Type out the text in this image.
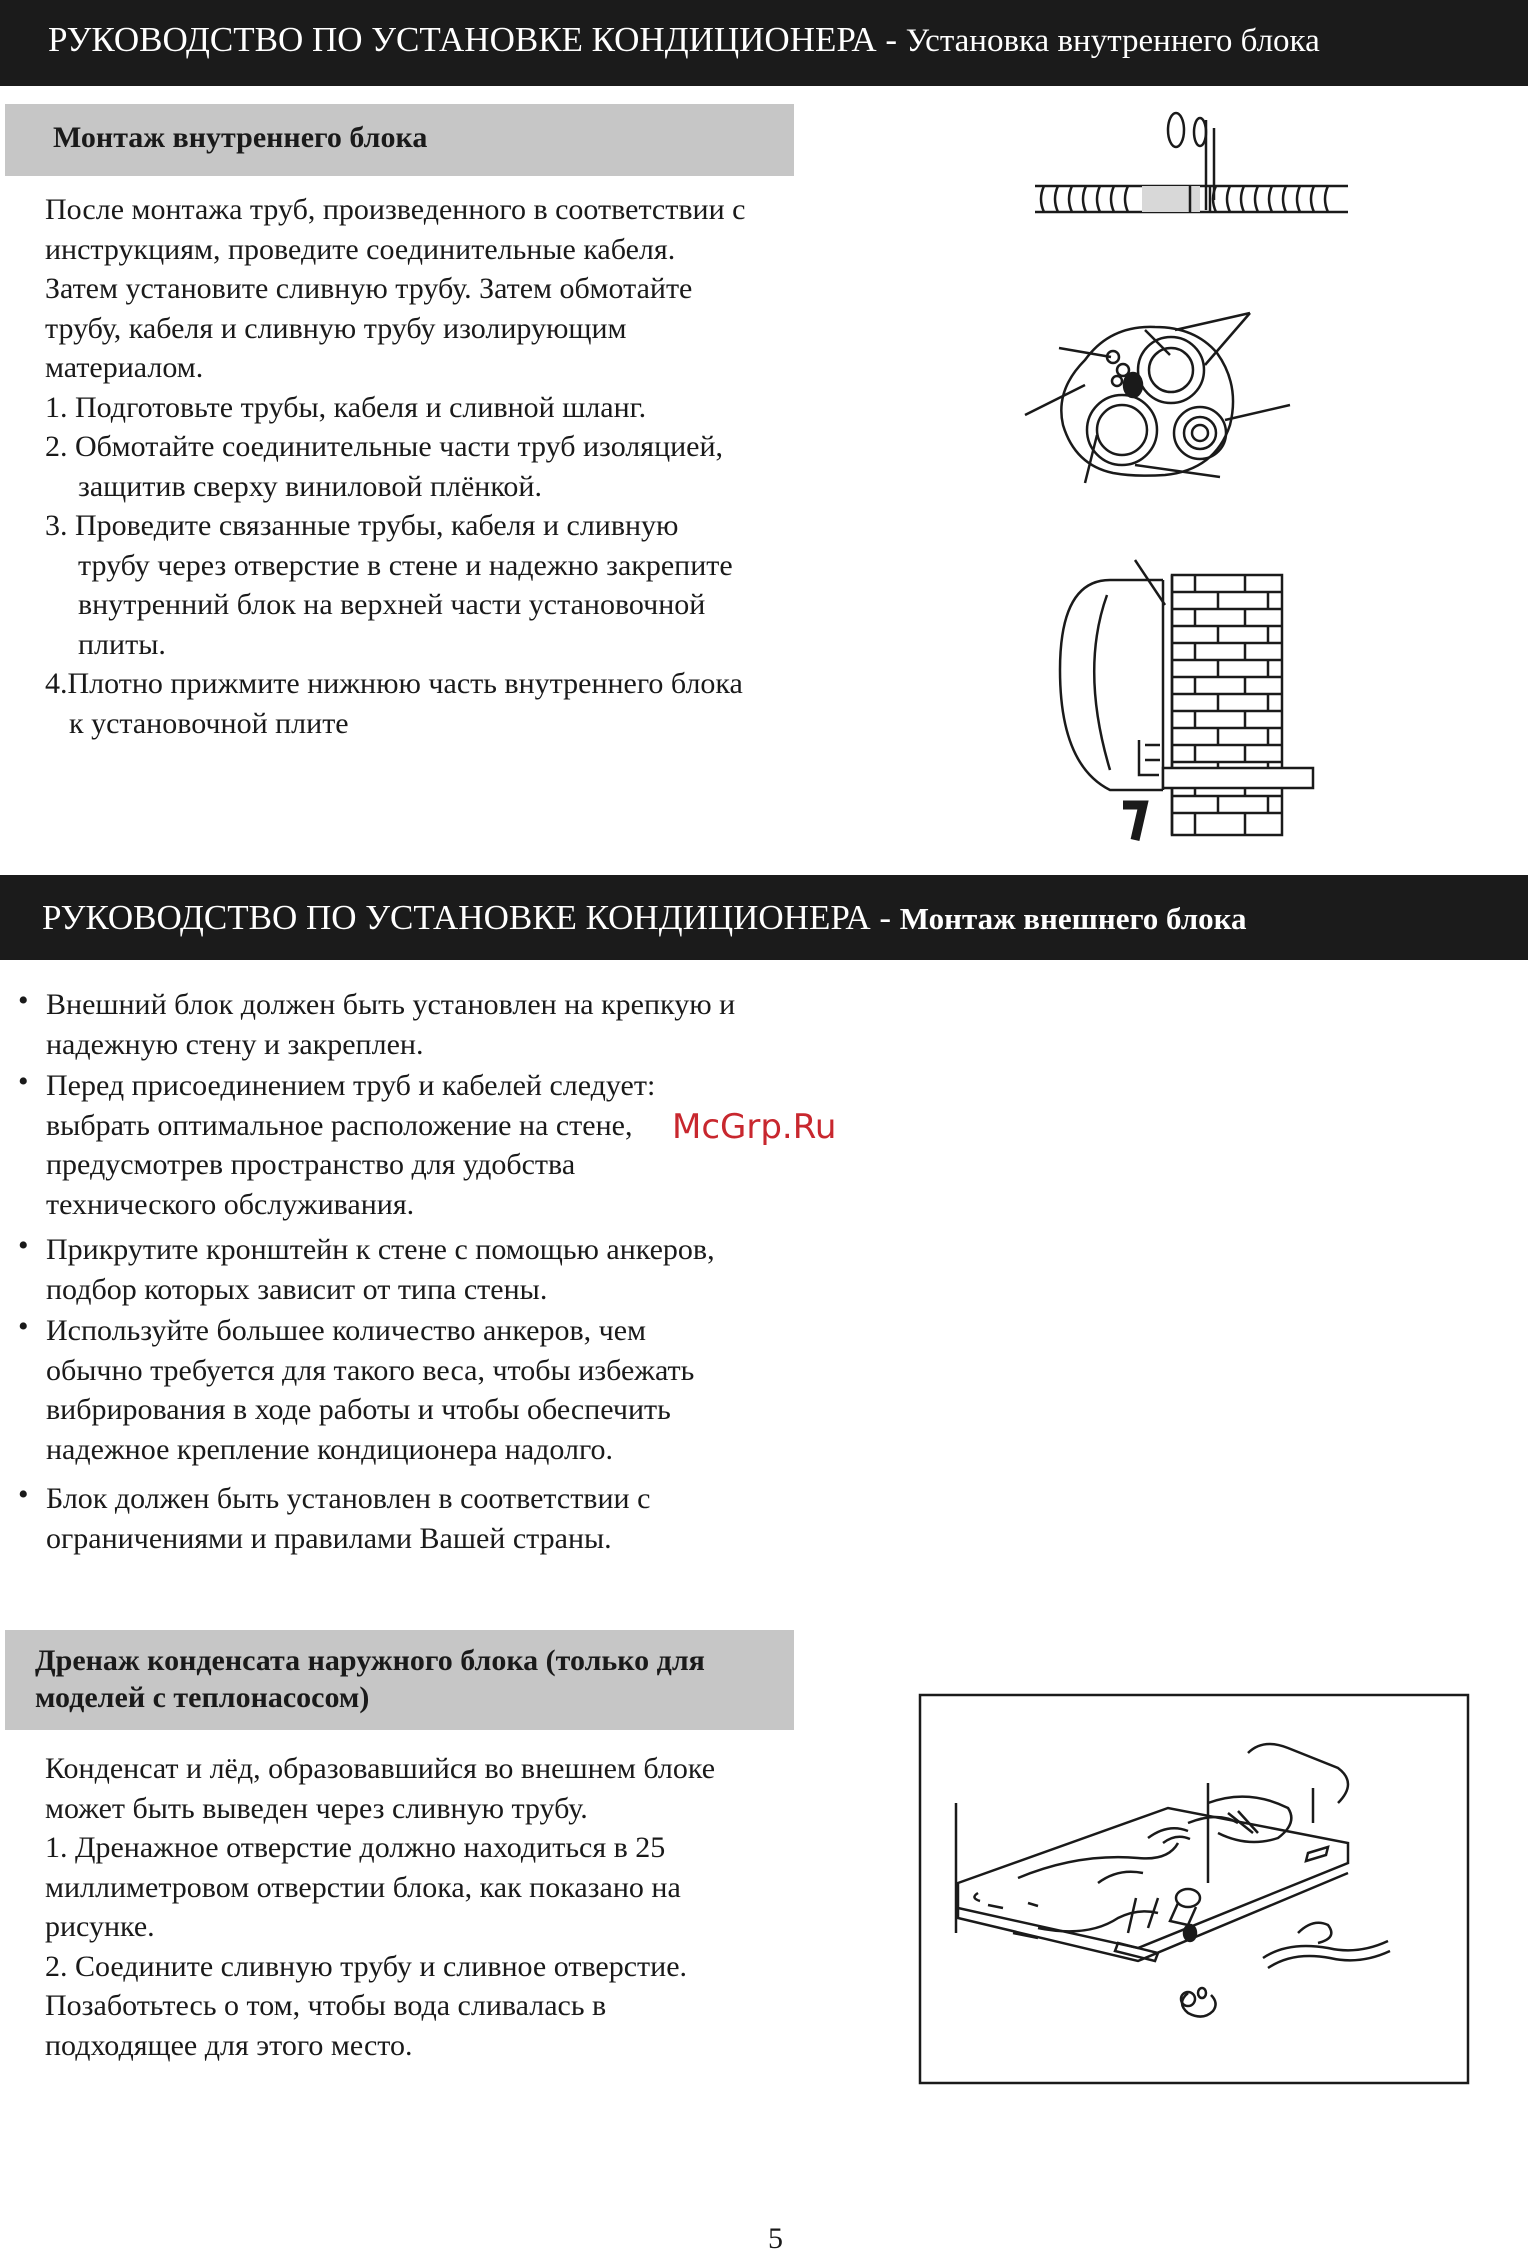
РУКОВОДСТВО ПО УСТАНОВКЕ КОНДИЦИОНЕРА - Установка внутреннего блока
Монтаж внутреннего блока

После монтажа труб, произведенного в соответствии с

инструкциям, проведите соединительные кабеля.

Затем установите сливную трубу. Затем обмотайте

трубу, кабеля и сливную трубу изолирующим

материалом.

1. Подготовьте трубы, кабеля и сливной шланг.

2. Обмотайте соединительные части труб изоляцией,

защитив сверху виниловой плёнкой.

3. Проведите связанные трубы, кабеля и сливную

трубу через отверстие в стене и надежно закрепите

внутренний блок на верхней части установочной

плиты.

4.Плотно прижмите нижнюю часть внутреннего блока

к установочной плите

РУКОВОДСТВО ПО УСТАНОВКЕ КОНДИЦИОНЕРА - Монтаж внешнего блока
• Внешний блок должен быть установлен на крепкую и
надежную стену и закреплен.
• Перед присоединением труб и кабелей следует:
выбрать оптимальное расположение на стене,
предусмотрев пространство для удобства
технического обслуживания.
• Прикрутите кронштейн к стене с помощью анкеров,
подбор которых зависит от типа стены.
• Используйте большее количество анкеров, чем
обычно требуется для такого веса, чтобы избежать
вибрирования в ходе работы и чтобы обеспечить
надежное крепление кондиционера надолго.
• Блок должен быть установлен в соответствии с
ограничениями и правилами Вашей страны.
McGrp.Ru
Дренаж конденсата наружного блока (только для
моделей с теплонасосом)

Конденсат и лёд, образовавшийся во внешнем блоке

может быть выведен через сливную трубу.

1. Дренажное отверстие должно находиться в 25

миллиметровом отверстии блока, как показано на

рисунке.

2. Соедините сливную трубу и сливное отверстие.

Позаботьтесь о том, чтобы вода сливалась в

подходящее для этого место.

5
